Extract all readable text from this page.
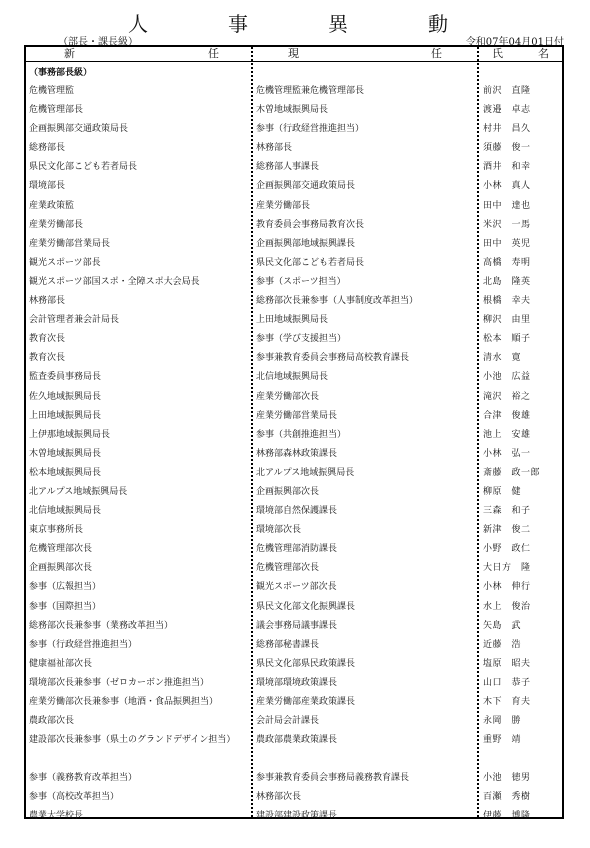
人	事	異	動
（部長・課長級）	令和07年04月01日付
新	任	現	任	氏	名
（事務部長級）
危機管理監	危機管理監兼危機管理部長	前沢　直隆
危機管理部長	木曽地域振興局長	渡邉　卓志
企画振興部交通政策局長	参事（行政経営推進担当）	村井　昌久
総務部長	林務部長	須藤　俊一
県民文化部こども若者局長	総務部人事課長	酒井　和幸
環境部長	企画振興部交通政策局長	小林　真人
産業政策監	産業労働部長	田中　達也
産業労働部長	教育委員会事務局教育次長	米沢　一馬
産業労働部営業局長	企画振興部地域振興課長	田中　英児
観光スポーツ部長	県民文化部こども若者局長	高橋　寿明
観光スポーツ部国スポ・全障スポ大会局長	参事（スポーツ担当）	北島　隆英
林務部長	総務部次長兼参事（人事制度改革担当）	根橋　幸夫
会計管理者兼会計局長	上田地域振興局長	柳沢　由里
教育次長	参事（学び支援担当）	松本　順子
教育次長	参事兼教育委員会事務局高校教育課長	清水　寛
監査委員事務局長	北信地域振興局長	小池　広益
佐久地域振興局長	産業労働部次長	滝沢　裕之
上田地域振興局長	産業労働部営業局長	合津　俊雄
上伊那地域振興局長	参事（共創推進担当）	池上　安雄
木曽地域振興局長	林務部森林政策課長	小林　弘一
松本地域振興局長	北アルプス地域振興局長	斎藤　政一郎
北アルプス地域振興局長	企画振興部次長	柳原　健
北信地域振興局長	環境部自然保護課長	三森　和子
東京事務所長	環境部次長	新津　俊二
危機管理部次長	危機管理部消防課長	小野　政仁
企画振興部次長	危機管理部次長	大日方　隆
参事（広報担当）	観光スポーツ部次長	小林　伸行
参事（国際担当）	県民文化部文化振興課長	水上　俊治
総務部次長兼参事（業務改革担当）	議会事務局議事課長	矢島　武
参事（行政経営推進担当）	総務部秘書課長	近藤　浩
健康福祉部次長	県民文化部県民政策課長	塩原　昭夫
環境部次長兼参事（ゼロカーボン推進担当）	環境部環境政策課長	山口　恭子
産業労働部次長兼参事（地酒・食品振興担当）	産業労働部産業政策課長	木下　育夫
農政部次長	会計局会計課長	永岡　勝
建設部次長兼参事（県土のグランドデザイン担当）	農政部農業政策課長	重野　靖
参事（義務教育改革担当）	参事兼教育委員会事務局義務教育課長	小池　徳男
参事（高校改革担当）	林務部次長	百瀬　秀樹
農業大学校長	建設部建設政策課長	伊藤　博隆
